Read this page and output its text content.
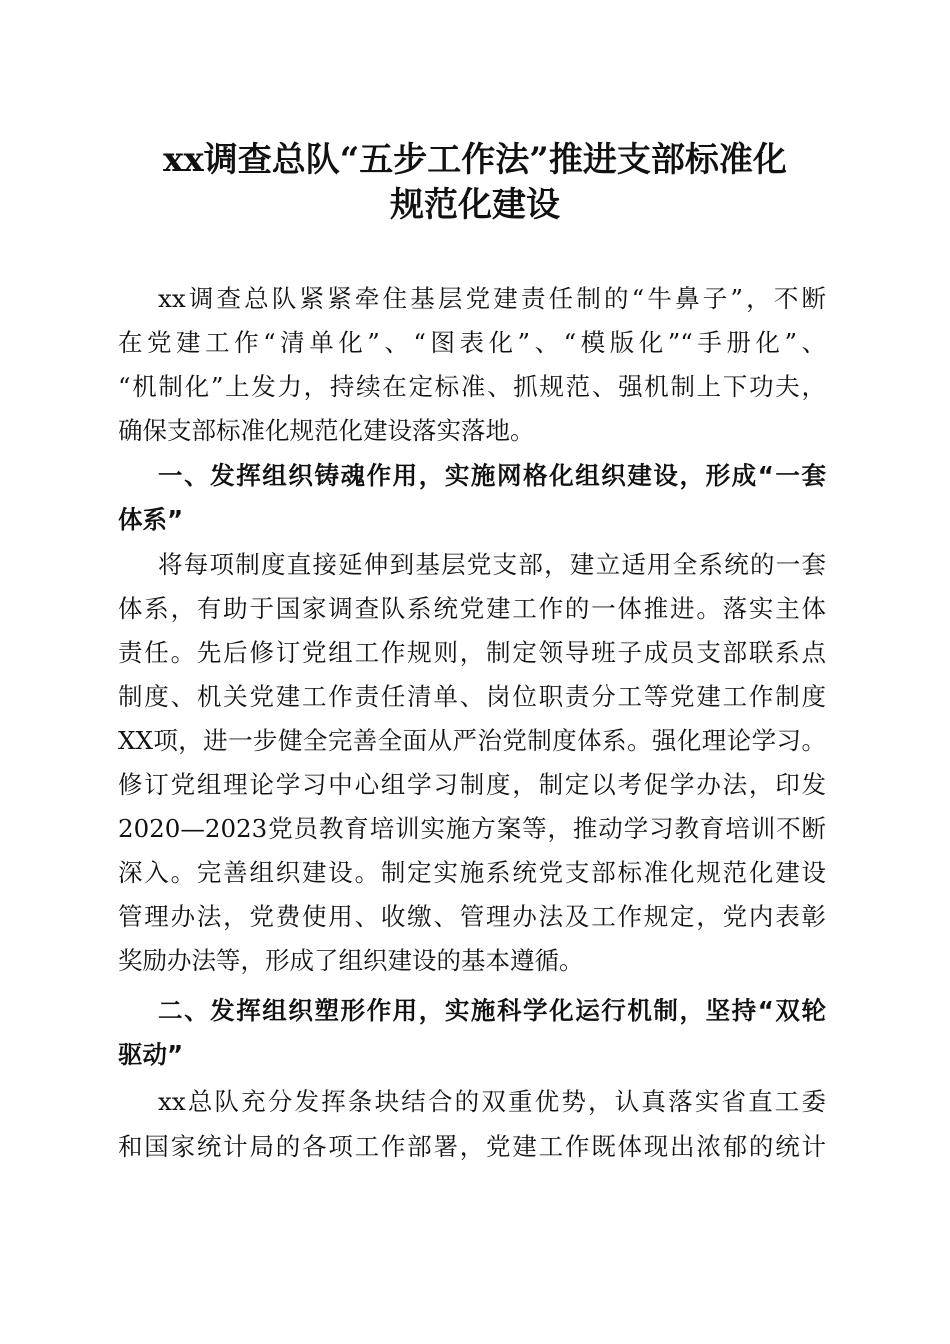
xx调查总队“五步工作法”推进支部标准化
规范化建设
xx调查总队紧紧牵住基层党建责任制的“牛鼻子”，不断
在党建工作“清单化”、“图表化”、“模版化”“手册化”、
“机制化”上发力，持续在定标准、抓规范、强机制上下功夫，
确保支部标准化规范化建设落实落地。
一、发挥组织铸魂作用，实施网格化组织建设，形成“一套
体系”
将每项制度直接延伸到基层党支部，建立适用全系统的一套
体系，有助于国家调查队系统党建工作的一体推进。落实主体
责任。先后修订党组工作规则，制定领导班子成员支部联系点
制度、机关党建工作责任清单、岗位职责分工等党建工作制度
XX项，进一步健全完善全面从严治党制度体系。强化理论学习。
修订党组理论学习中心组学习制度，制定以考促学办法，印发
2020—2023党员教育培训实施方案等，推动学习教育培训不断
深入。完善组织建设。制定实施系统党支部标准化规范化建设
管理办法，党费使用、收缴、管理办法及工作规定，党内表彰
奖励办法等，形成了组织建设的基本遵循。
二、发挥组织塑形作用，实施科学化运行机制，坚持“双轮
驱动”
xx总队充分发挥条块结合的双重优势，认真落实省直工委
和国家统计局的各项工作部署，党建工作既体现出浓郁的统计
